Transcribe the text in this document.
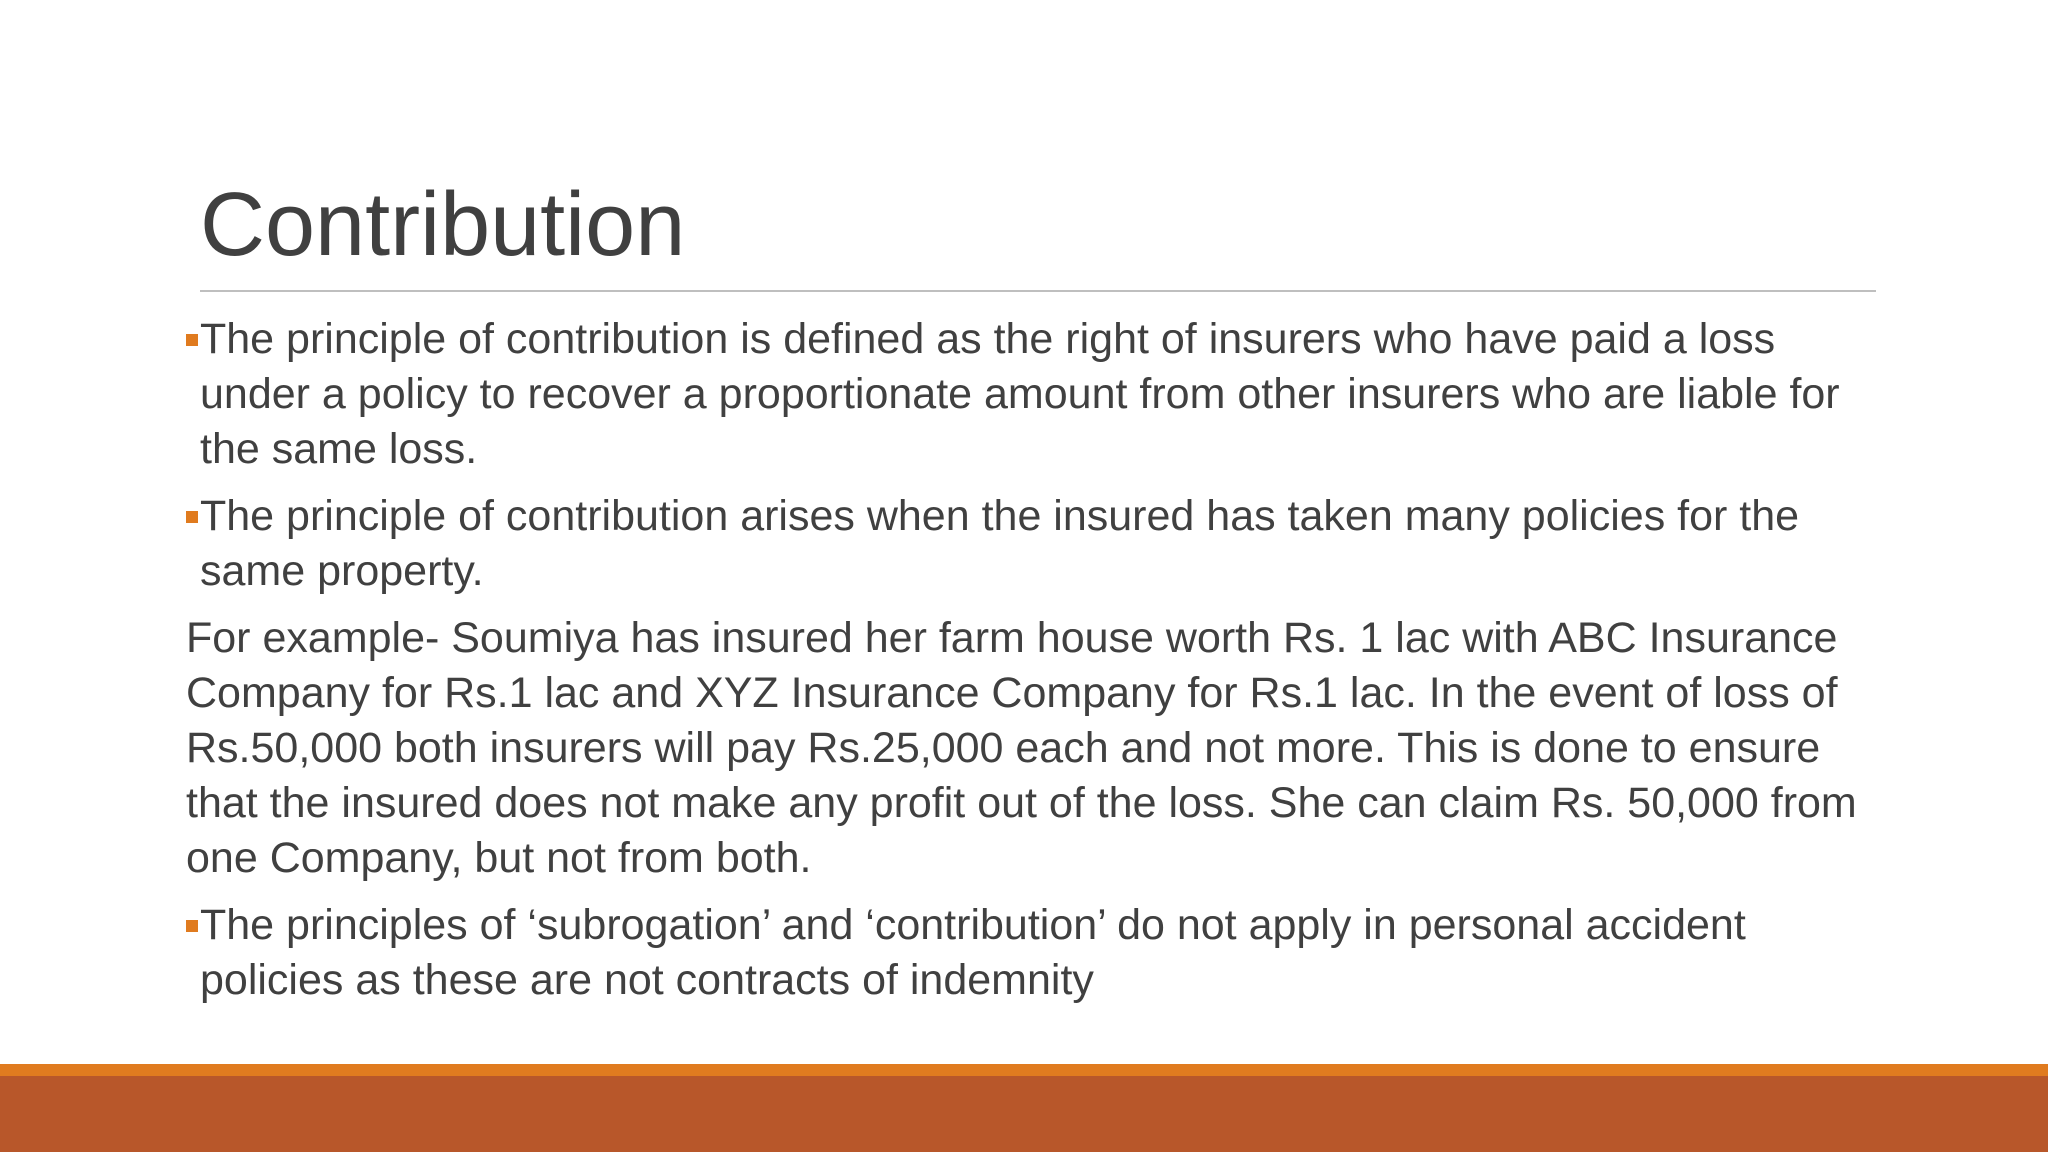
Contribution
The principle of contribution is defined as the right of insurers who have paid a loss under a policy to recover a proportionate amount from other insurers who are liable for the same loss.
The principle of contribution arises when the insured has taken many policies for the same property.
For example- Soumiya has insured her farm house worth Rs. 1 lac with ABC Insurance Company for Rs.1 lac and XYZ Insurance Company for Rs.1 lac. In the event of loss of Rs.50,000 both insurers will pay Rs.25,000 each and not more. This is done to ensure that the insured does not make any profit out of the loss. She can claim Rs. 50,000 from one Company, but not from both.
The principles of ‘subrogation’ and ‘contribution’ do not apply in personal accident policies as these are not contracts of indemnity
